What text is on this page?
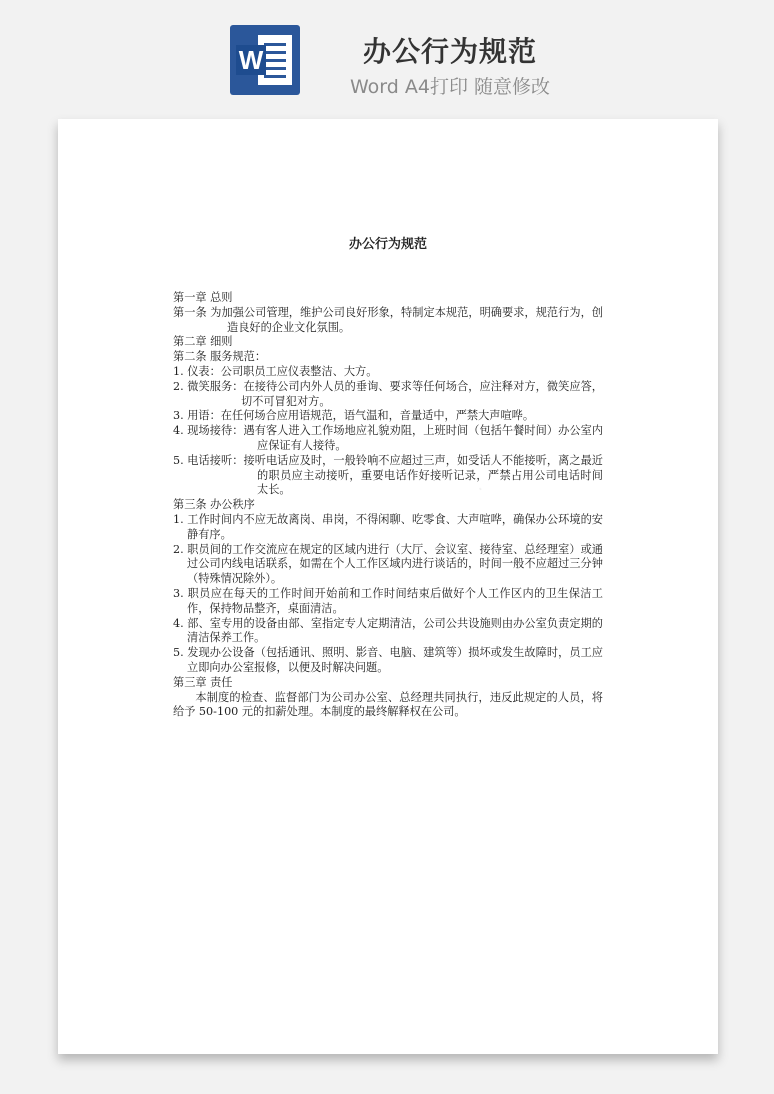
W	办公行为规范
Word A4打印 随意修改
·
办公行为规范

第一章 总则

第一条 为加强公司管理，维护公司良好形象，特制定本规范，明确要求，规范行为，创造良好的企业文化氛围。

第二章 细则

第二条 服务规范：

1. 仪表：公司职员工应仪表整洁、大方。

2. 微笑服务：在接待公司内外人员的垂询、要求等任何场合，应注释对方，微笑应答，切不可冒犯对方。

3. 用语：在任何场合应用语规范，语气温和，音量适中，严禁大声喧哗。

4. 现场接待：遇有客人进入工作场地应礼貌劝阻，上班时间（包括午餐时间）办公室内应保证有人接待。

5. 电话接听：接听电话应及时，一般铃响不应超过三声，如受话人不能接听，离之最近的职员应主动接听，重要电话作好接听记录，严禁占用公司电话时间太长。

第三条 办公秩序

1. 工作时间内不应无故离岗、串岗，不得闲聊、吃零食、大声喧哗，确保办公环境的安静有序。

2. 职员间的工作交流应在规定的区域内进行（大厅、会议室、接待室、总经理室）或通过公司内线电话联系，如需在个人工作区域内进行谈话的，时间一般不应超过三分钟（特殊情况除外）。

3. 职员应在每天的工作时间开始前和工作时间结束后做好个人工作区内的卫生保洁工作，保持物品整齐，桌面清洁。

4. 部、室专用的设备由部、室指定专人定期清洁，公司公共设施则由办公室负责定期的清洁保养工作。

5. 发现办公设备（包括通讯、照明、影音、电脑、建筑等）损坏或发生故障时，员工应立即向办公室报修，以便及时解决问题。

第三章 责任

本制度的检查、监督部门为公司办公室、总经理共同执行，违反此规定的人员，将给予 50-100 元的扣薪处理。本制度的最终解释权在公司。
